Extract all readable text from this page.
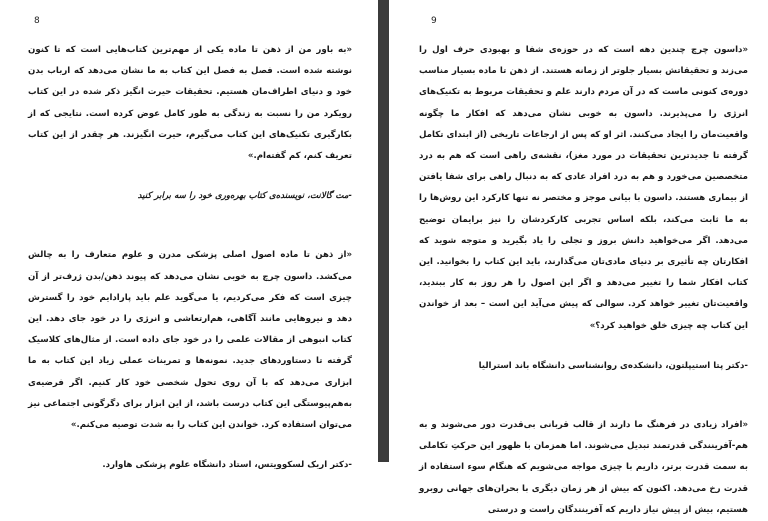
8

«به باور من از ذهن تا ماده یکی از مهم‌ترین کتاب‌هایی است که تا کنون نوشته شده است. فصل به فصل این کتاب به ما نشان می‌دهد که ارباب بدن خود و دنیای اطراف‌مان هستیم. تحقیقات حیرت انگیز ذکر شده در این کتاب رویکرد من را نسبت به زندگی به طور کامل عوض کرده است. نتایجی که از بکارگیری تکنیک‌های این کتاب می‌گیرم، حیرت انگیزند. هر چقدر از این کتاب تعریف کنم، کم گفته‌ام.»

-مت گالانت، نویسنده‌ی کتاب بهره‌وری خود را سه برابر کنید

«از ذهن تا ماده اصول اصلی پزشکی مدرن و علوم متعارف را به چالش می‌کشد. داسون چرچ به خوبی نشان می‌دهد که پیوند ذهن/بدن ژرف‌تر از آن چیزی است که فکر می‌کردیم، یا می‌گوید علم باید پارادایم خود را گسترش دهد و نیروهایی مانند آگاهی، هم‌ارتعاشی و انرژی را در خود جای دهد. این کتاب انبوهی از مقالات علمی را در خود جای داده است. از مثال‌های کلاسیک گرفته تا دستاوردهای جدید. نمونه‌ها و تمرینات عملی زیاد این کتاب به ما ابزاری می‌دهد که با آن روی تحول شخصی خود کار کنیم. اگر فرضیه‌ی به‌هم‌پیوستگی این کتاب درست باشد، از این ابزار برای دگرگونی اجتماعی نیز می‌توان استفاده کرد. خواندن این کتاب را به شدت توصیه می‌کنم.»

-دکتر اریک لسکوویتس، استاد دانشگاه علوم پزشکی هاوارد.

9

«داسون چرچ چندین دهه است که در حوزه‌ی شفا و بهبودی حرف اول را می‌زند و تحقیقاتش بسیار جلوتر از زمانه هستند. از ذهن تا ماده بسیار مناسب دوره‌ی کنونی ماست که در آن مردم دارند علم و تحقیقات مربوط به تکنیک‌های انرژی را می‌پذیرند. داسون به خوبی نشان می‌دهد که افکار ما چگونه واقعیت‌مان را ایجاد می‌کنند. اثر او که پس از ارجاعات تاریخی (از ابتدای تکامل گرفته تا جدیدترین تحقیقات در مورد مغز)، نقشه‌ی راهی است که هم به درد متخصصین می‌خورد و هم به درد افراد عادی که به دنبال راهی برای شفا یافتن از بیماری هستند. داسون با بیانی موجز و مختصر نه تنها کارکرد این روش‌ها را به ما ثابت می‌کند، بلکه اساس تجربی کارکردشان را نیز برایمان توضیح می‌دهد. اگر می‌خواهید دانش بروز و تجلی را یاد بگیرید و متوجه شوید که افکارتان چه تأثیری بر دنیای مادی‌تان می‌گذارند، باید این کتاب را بخوانید. این کتاب افکار شما را تغییر می‌دهد و اگر این اصول را هر روز به کار ببندید، واقعیت‌تان تغییر خواهد کرد. سوالی که پیش می‌آید این است – بعد از خواندن این کتاب چه چیزی خلق خواهید کرد؟»

-دکتر پتا استیپلتون، دانشکده‌ی روانشناسی دانشگاه باند استرالیا

«افراد زیادی در فرهنگ ما دارند از قالب قربانی بی‌قدرت دور می‌شوند و به هم-آفرینندگی قدرتمند تبدیل می‌شوند. اما همزمان با ظهور این حرکتِ تکاملی به سمت قدرت برتر، داریم با چیزی مواجه می‌شویم که هنگام سوء استفاده از قدرت رخ می‌دهد. اکنون که بیش از هر زمان دیگری با بحران‌های جهانی روبرو هستیم، بیش از پیش نیاز داریم که آفرینندگان راست و درستی
